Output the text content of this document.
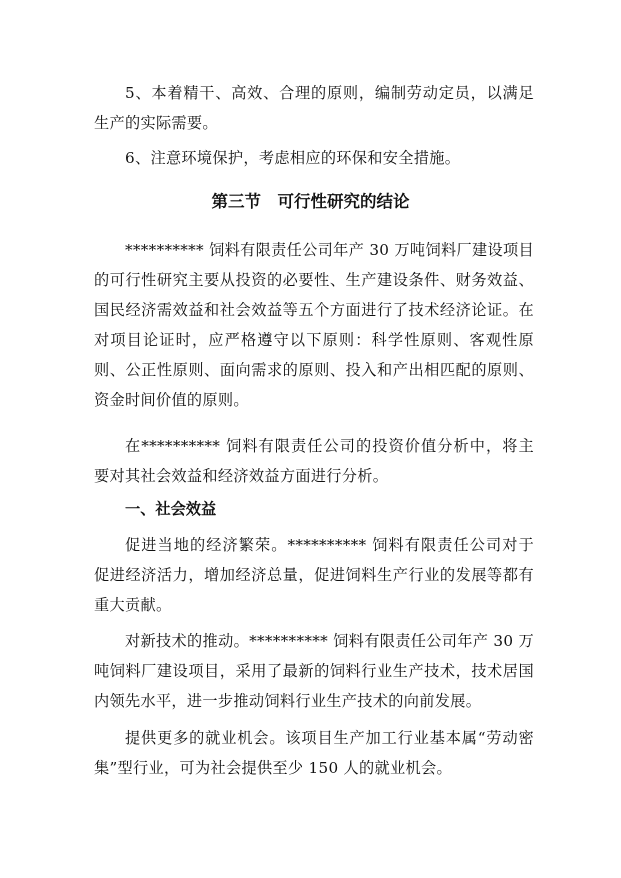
5、本着精干、高效、合理的原则，编制劳动定员，以满足生产的实际需要。

6、注意环境保护，考虑相应的环保和安全措施。

第三节　可行性研究的结论

********** 饲料有限责任公司年产 30 万吨饲料厂建设项目的可行性研究主要从投资的必要性、生产建设条件、财务效益、国民经济需效益和社会效益等五个方面进行了技术经济论证。在对项目论证时，应严格遵守以下原则：科学性原则、客观性原则、公正性原则、面向需求的原则、投入和产出相匹配的原则、资金时间价值的原则。

在********** 饲料有限责任公司的投资价值分析中，将主要对其社会效益和经济效益方面进行分析。

一、社会效益

促进当地的经济繁荣。********** 饲料有限责任公司对于促进经济活力，增加经济总量，促进饲料生产行业的发展等都有重大贡献。

对新技术的推动。********** 饲料有限责任公司年产 30 万吨饲料厂建设项目，采用了最新的饲料行业生产技术，技术居国内领先水平，进一步推动饲料行业生产技术的向前发展。

提供更多的就业机会。该项目生产加工行业基本属“劳动密集”型行业，可为社会提供至少 150 人的就业机会。
